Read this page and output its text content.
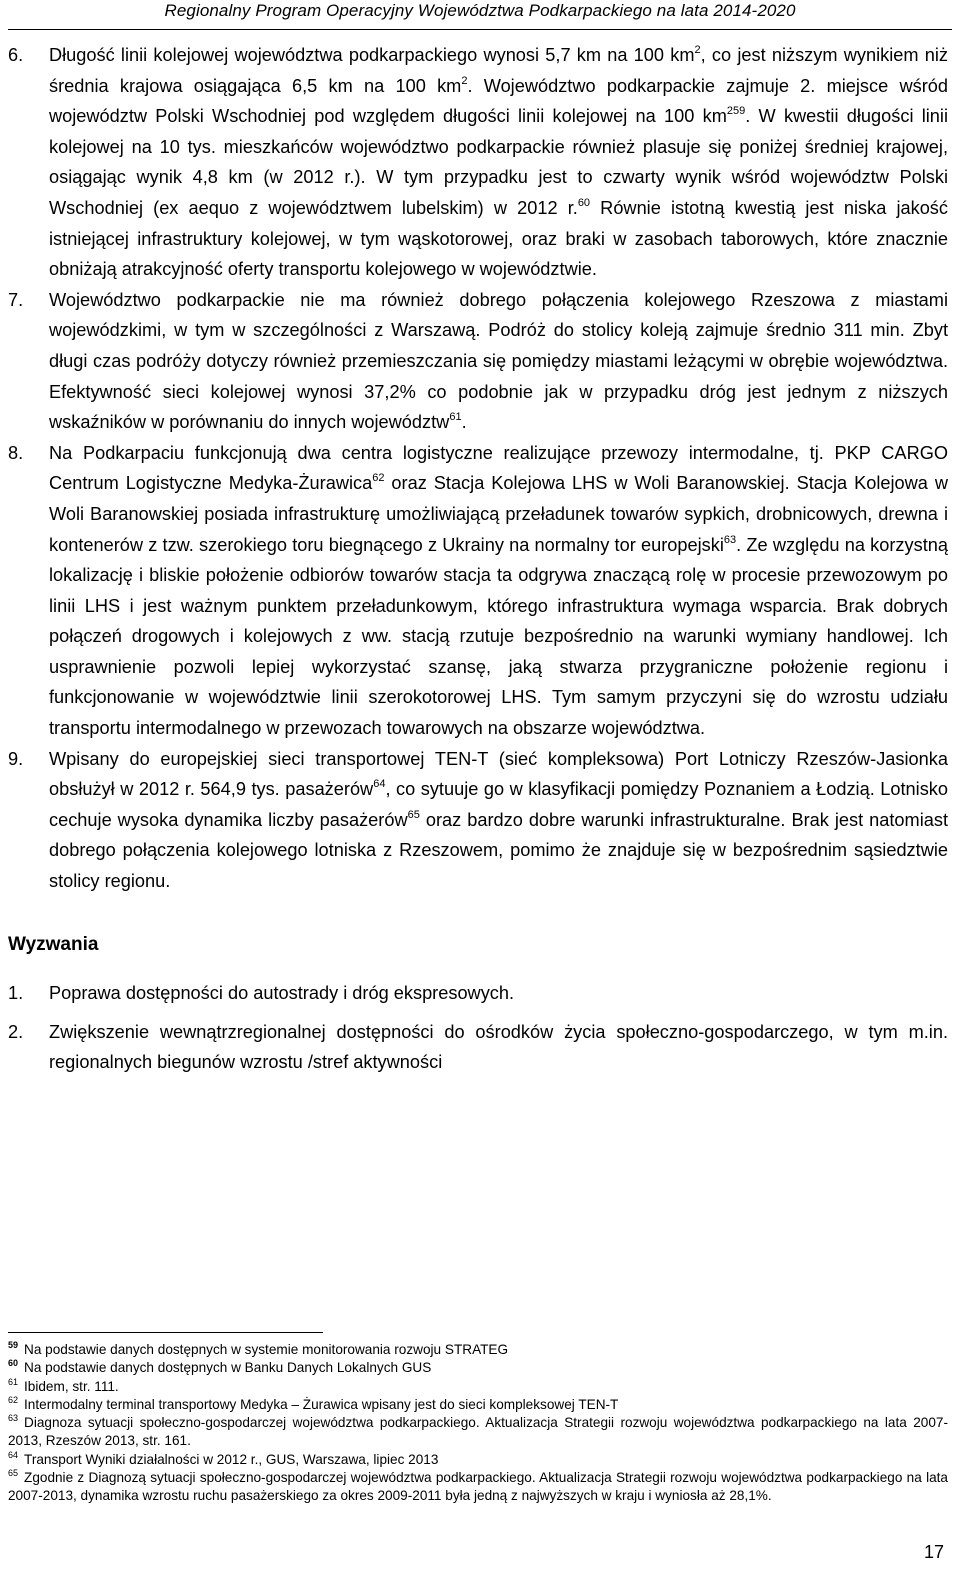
Regionalny Program Operacyjny Województwa Podkarpackiego na lata 2014-2020
6. Długość linii kolejowej województwa podkarpackiego wynosi 5,7 km na 100 $km^2$, co jest niższym wynikiem niż średnia krajowa osiągająca 6,5 km na 100 $km^2$. Województwo podkarpackie zajmuje 2. miejsce wśród województw Polski Wschodniej pod względem długości linii kolejowej na 100 $km^{259}$. W kwestii długości linii kolejowej na 10 tys. mieszkańców województwo podkarpackie również plasuje się poniżej średniej krajowej, osiągając wynik 4,8 km (w 2012 r.). W tym przypadku jest to czwarty wynik wśród województw Polski Wschodniej (ex aequo z województwem lubelskim) w 2012 r.$^{60}$ Równie istotną kwestią jest niska jakość istniejącej infrastruktury kolejowej, w tym wąskotorowej, oraz braki w zasobach taborowych, które znacznie obniżają atrakcyjność oferty transportu kolejowego w województwie.

7. Województwo podkarpackie nie ma również dobrego połączenia kolejowego Rzeszowa z miastami wojewódzkimi, w tym w szczególności z Warszawą. Podróż do stolicy koleją zajmuje średnio 311 min. Zbyt długi czas podróży dotyczy również przemieszczania się pomiędzy miastami leżącymi w obrębie województwa. Efektywność sieci kolejowej wynosi 37,2% co podobnie jak w przypadku dróg jest jednym z niższych wskaźników w porównaniu do innych województw$^{61}$.

8. Na Podkarpaciu funkcjonują dwa centra logistyczne realizujące przewozy intermodalne, tj. PKP CARGO Centrum Logistyczne Medyka-Żurawica$^{62}$ oraz Stacja Kolejowa LHS w Woli Baranowskiej. Stacja Kolejowa w Woli Baranowskiej posiada infrastrukturę umożliwiającą przeładunek towarów sypkich, drobnicowych, drewna i kontenerów z tzw. szerokiego toru biegnącego z Ukrainy na normalny tor europejski$^{63}$. Ze względu na korzystną lokalizację i bliskie położenie odbiorów towarów stacja ta odgrywa znaczącą rolę w procesie przewozowym po linii LHS i jest ważnym punktem przeładunkowym, którego infrastruktura wymaga wsparcia. Brak dobrych połączeń drogowych i kolejowych z ww. stacją rzutuje bezpośrednio na warunki wymiany handlowej. Ich usprawnienie pozwoli lepiej wykorzystać szansę, jaką stwarza przygraniczne położenie regionu i funkcjonowanie w województwie linii szerokotorowej LHS. Tym samym przyczyni się do wzrostu udziału transportu intermodalnego w przewozach towarowych na obszarze województwa.

9. Wpisany do europejskiej sieci transportowej TEN-T (sieć kompleksowa) Port Lotniczy Rzeszów-Jasionka obsłużył w 2012 r. 564,9 tys. pasażerów$^{64}$, co sytuuje go w klasyfikacji pomiędzy Poznaniem a Łodzią. Lotnisko cechuje wysoka dynamika liczby pasażerów$^{65}$ oraz bardzo dobre warunki infrastrukturalne. Brak jest natomiast dobrego połączenia kolejowego lotniska z Rzeszowem, pomimo że znajduje się w bezpośrednim sąsiedztwie stolicy regionu.

Wyzwania
1. Poprawa dostępności do autostrady i dróg ekspresowych.

2. Zwiększenie wewnątrzregionalnej dostępności do ośrodków życia społeczno-gospodarczego, w tym m.in. regionalnych biegunów wzrostu /stref aktywności

$^{59}$ Na podstawie danych dostępnych w systemie monitorowania rozwoju STRATEG

$^{60}$ Na podstawie danych dostępnych w Banku Danych Lokalnych GUS

$^{61}$ Ibidem, str. 111.

$^{62}$ Intermodalny terminal transportowy Medyka – Żurawica wpisany jest do sieci kompleksowej TEN-T

$^{63}$ Diagnoza sytuacji społeczno-gospodarczej województwa podkarpackiego. Aktualizacja Strategii rozwoju województwa podkarpackiego na lata 2007-2013, Rzeszów 2013, str. 161.

$^{64}$ Transport Wyniki działalności w 2012 r., GUS, Warszawa, lipiec 2013

$^{65}$ Zgodnie z Diagnozą sytuacji społeczno-gospodarczej województwa podkarpackiego. Aktualizacja Strategii rozwoju województwa podkarpackiego na lata 2007-2013, dynamika wzrostu ruchu pasażerskiego za okres 2009-2011 była jedną z najwyższych w kraju i wyniosła aż 28,1%.

17
